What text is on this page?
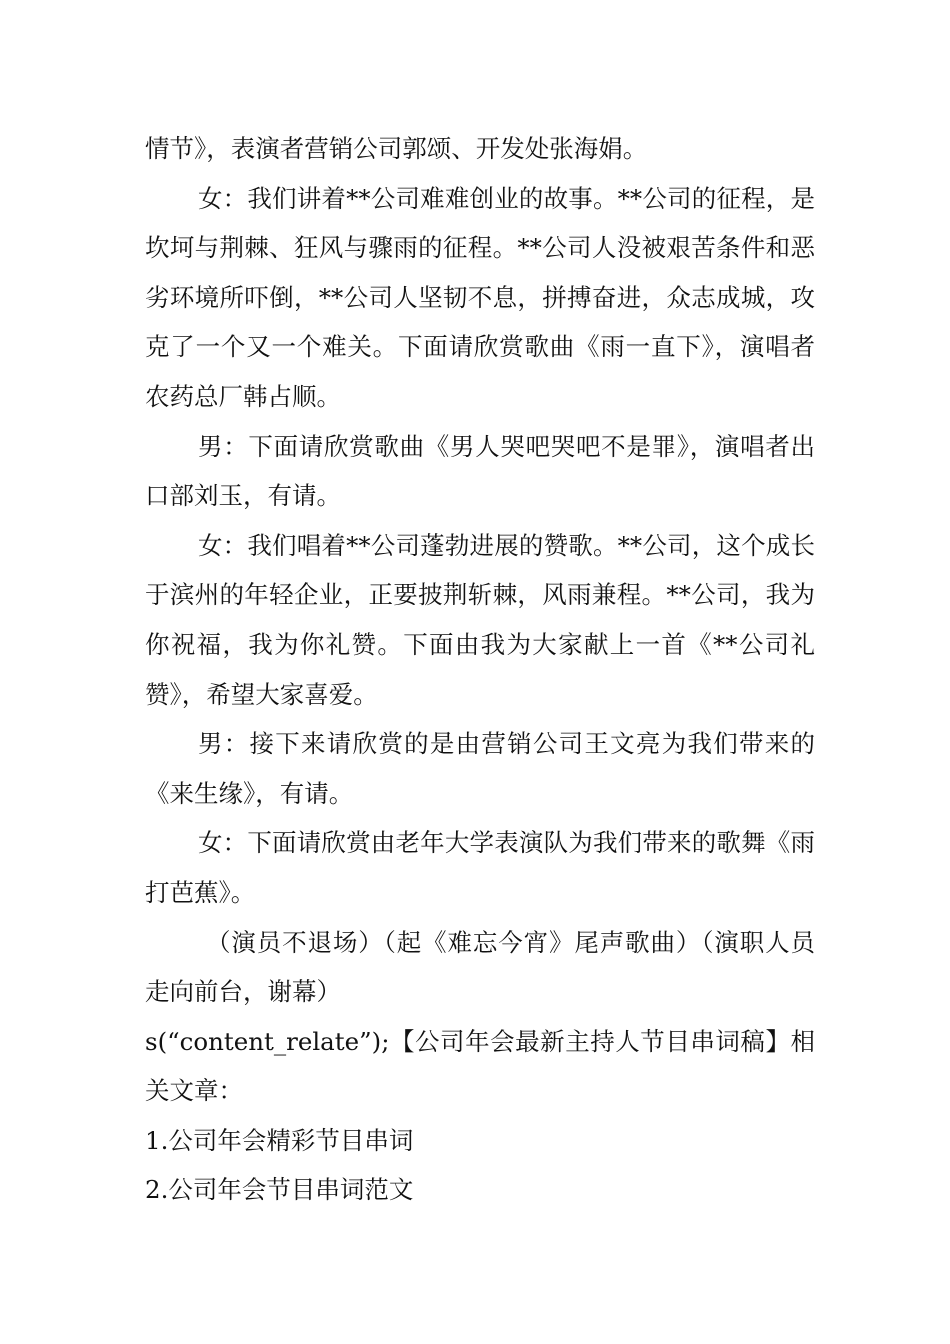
情节》，表演者营销公司郭颂、开发处张海娟。

女：我们讲着**公司难难创业的故事。**公司的征程，是坎坷与荆棘、狂风与骤雨的征程。**公司人没被艰苦条件和恶劣环境所吓倒，**公司人坚韧不息，拼搏奋进，众志成城，攻克了一个又一个难关。下面请欣赏歌曲《雨一直下》，演唱者农药总厂韩占顺。

男：下面请欣赏歌曲《男人哭吧哭吧不是罪》，演唱者出口部刘玉，有请。

女：我们唱着**公司蓬勃进展的赞歌。**公司，这个成长于滨州的年轻企业，正要披荆斩棘，风雨兼程。**公司，我为你祝福，我为你礼赞。下面由我为大家献上一首《**公司礼赞》，希望大家喜爱。

男：接下来请欣赏的是由营销公司王文亮为我们带来的《来生缘》，有请。

女：下面请欣赏由老年大学表演队为我们带来的歌舞《雨打芭蕉》。

（演员不退场）（起《难忘今宵》尾声歌曲）（演职人员走向前台，谢幕）

s(“content_relate”);【公司年会最新主持人节目串词稿】相关文章：

1.公司年会精彩节目串词

2.公司年会节目串词范文
